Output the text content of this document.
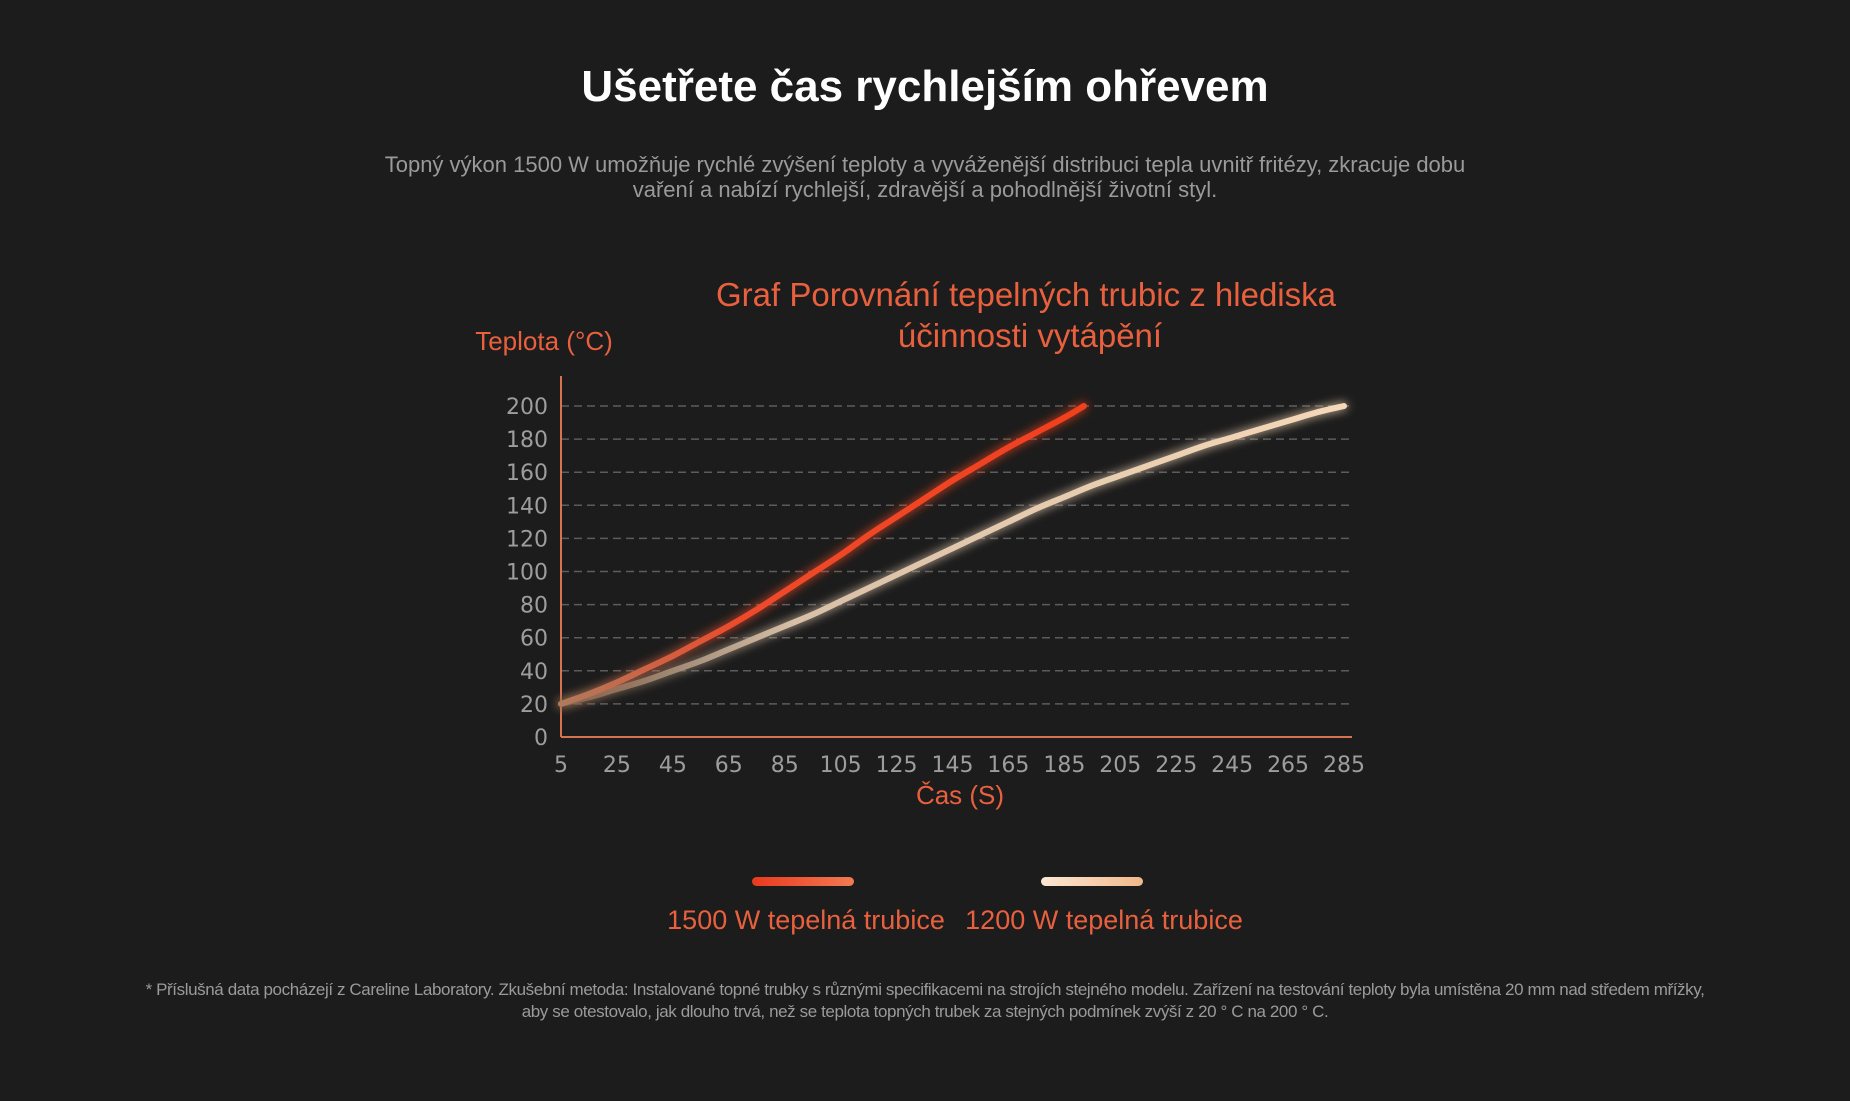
Ušetřete čas rychlejším ohřevem

Topný výkon 1500 W umožňuje rychlé zvýšení teploty a vyváženější distribuci tepla uvnitř fritézy, zkracuje dobu vaření a nabízí rychlejší, zdravější a pohodlnější životní styl.

Graf Porovnání tepelných trubic z hlediska
účinnosti vytápění
Teplota (°C)
Čas (S)
0
20
40
60
80
100
120
140
160
180
200
5 25 45 65 85 105 125 145 165 185 205 225 245 265 285
1500 W tepelná trubice 1200 W tepelná trubice

* Příslušná data pocházejí z Careline Laboratory. Zkušební metoda: Instalované topné trubky s různými specifikacemi na strojích stejného modelu. Zařízení na testování teploty byla umístěna 20 mm nad středem mřížky,
aby se otestovalo, jak dlouho trvá, než se teplota topných trubek za stejných podmínek zvýší z 20 ° C na 200 ° C.
